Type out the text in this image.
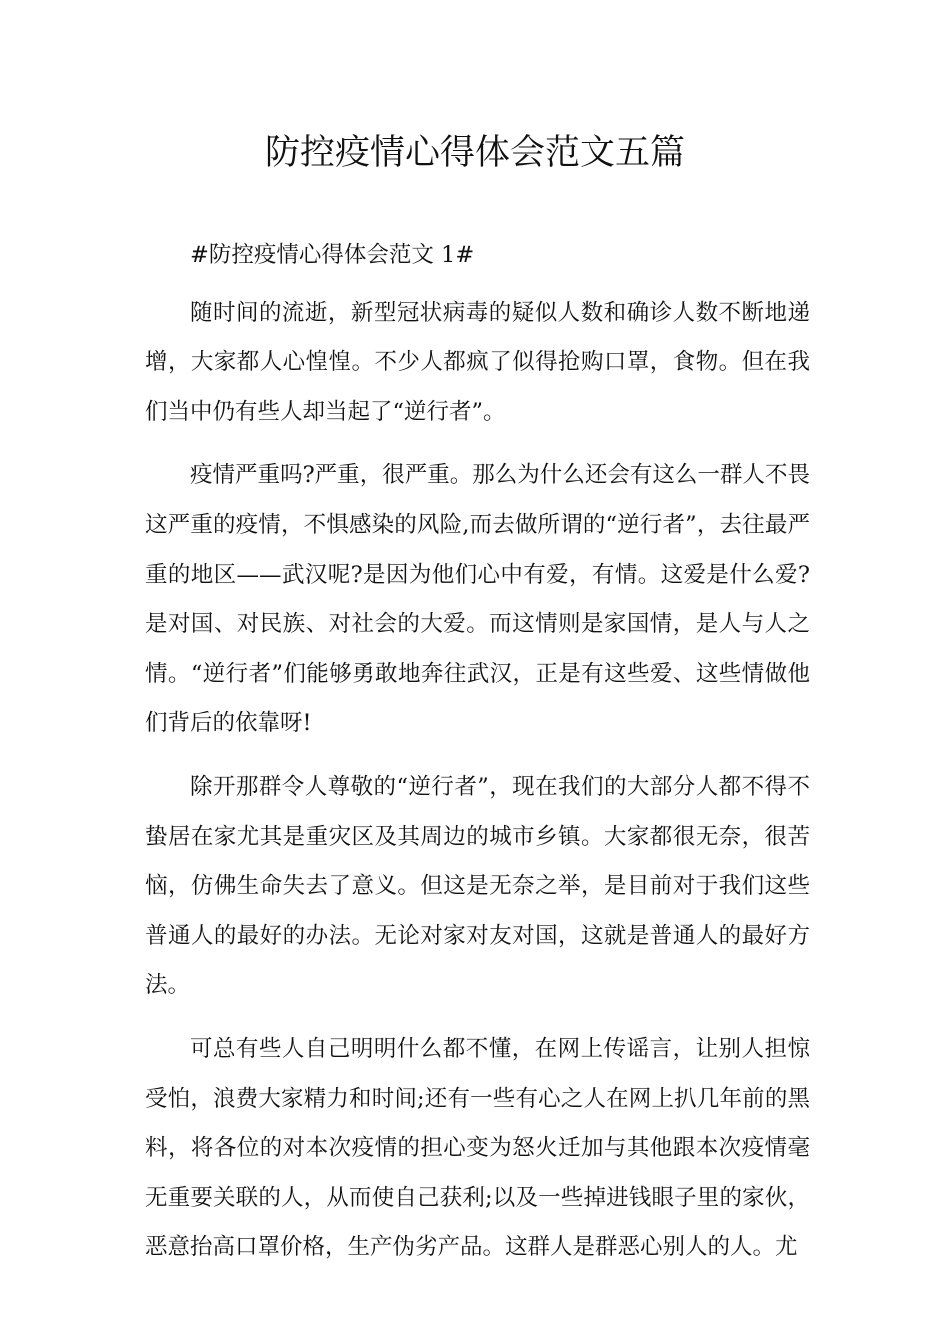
防控疫情心得体会范文五篇

#防控疫情心得体会范文 1#

随时间的流逝，新型冠状病毒的疑似人数和确诊人数不断地递增，大家都人心惶惶。不少人都疯了似得抢购口罩，食物。但在我们当中仍有些人却当起了“逆行者”。

疫情严重吗?严重，很严重。那么为什么还会有这么一群人不畏这严重的疫情，不惧感染的风险,而去做所谓的“逆行者”，去往最严重的地区——武汉呢?是因为他们心中有爱，有情。这爱是什么爱?是对国、对民族、对社会的大爱。而这情则是家国情，是人与人之情。“逆行者”们能够勇敢地奔往武汉，正是有这些爱、这些情做他们背后的依靠呀!

除开那群令人尊敬的“逆行者”，现在我们的大部分人都不得不蛰居在家尤其是重灾区及其周边的城市乡镇。大家都很无奈，很苦恼，仿佛生命失去了意义。但这是无奈之举，是目前对于我们这些普通人的最好的办法。无论对家对友对国，这就是普通人的最好方法。

可总有些人自己明明什么都不懂，在网上传谣言，让别人担惊受怕，浪费大家精力和时间;还有一些有心之人在网上扒几年前的黑料，将各位的对本次疫情的担心变为怒火迁加与其他跟本次疫情毫无重要关联的人，从而使自己获利;以及一些掉进钱眼子里的家伙，恶意抬高口罩价格，生产伪劣产品。这群人是群恶心别人的人。尤
